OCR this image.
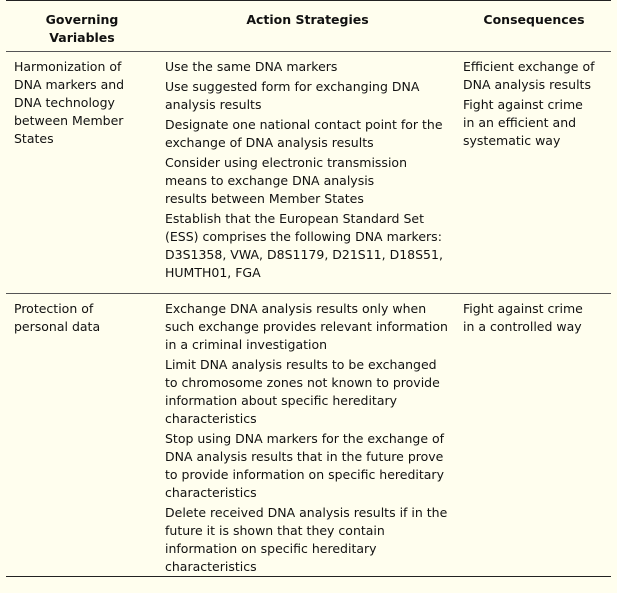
Governing
Variables
Action Strategies	Consequences
Harmonization of DNA markers and DNA technology between Member States
Use the same DNA markers
Use suggested form for exchanging DNA analysis results
Designate one national contact point for the exchange of DNA analysis results
Consider using electronic transmission means to exchange DNA analysis results between Member States
Establish that the European Standard Set (ESS) comprises the following DNA markers: D3S1358, VWA, D8S1179, D21S11, D18S51, HUMTH01, FGA
Efficient exchange of DNA analysis results
Fight against crime in an efficient and systematic way
Protection of personal data
Exchange DNA analysis results only when such exchange provides relevant information in a criminal investigation
Limit DNA analysis results to be exchanged to chromosome zones not known to provide information about specific hereditary characteristics
Stop using DNA markers for the exchange of DNA analysis results that in the future prove to provide information on specific hereditary characteristics
Delete received DNA analysis results if in the future it is shown that they contain information on specific hereditary characteristics
Fight against crime in a controlled way
